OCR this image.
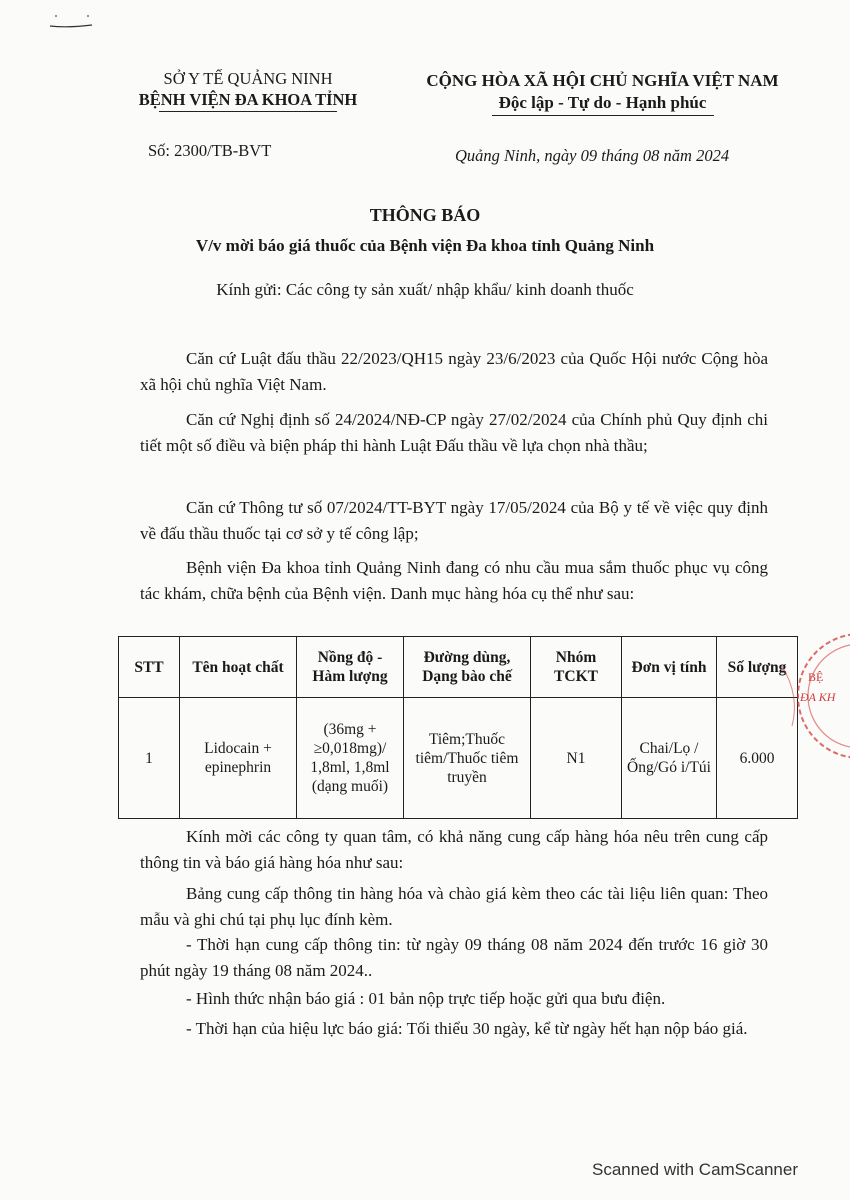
SỞ Y TẾ QUẢNG NINH
BỆNH VIỆN ĐA KHOA TỈNH
CỘNG HÒA XÃ HỘI CHỦ NGHĨA VIỆT NAM
Độc lập - Tự do - Hạnh phúc
Số: 2300/TB-BVT	Quảng Ninh, ngày 09 tháng 08 năm 2024
THÔNG BÁO
V/v mời báo giá thuốc của Bệnh viện Đa khoa tỉnh Quảng Ninh
Kính gửi: Các công ty sản xuất/ nhập khẩu/ kinh doanh thuốc
Căn cứ Luật đấu thầu 22/2023/QH15 ngày 23/6/2023 của Quốc Hội nước Cộng hòa xã hội chủ nghĩa Việt Nam.
Căn cứ Nghị định số 24/2024/NĐ-CP ngày 27/02/2024 của Chính phủ Quy định chi tiết một số điều và biện pháp thi hành Luật Đấu thầu về lựa chọn nhà thầu;
Căn cứ Thông tư số 07/2024/TT-BYT ngày 17/05/2024 của Bộ y tế về việc quy định về đấu thầu thuốc tại cơ sở y tế công lập;
Bệnh viện Đa khoa tỉnh Quảng Ninh đang có nhu cầu mua sắm thuốc phục vụ công tác khám, chữa bệnh của Bệnh viện. Danh mục hàng hóa cụ thể như sau:
STT	Tên hoạt chất	Nồng độ - Hàm lượng	Đường dùng, Dạng bào chế	Nhóm TCKT	Đơn vị tính	Số lượng
1	Lidocain + epinephrin	(36mg + ≥0,018mg)/ 1,8ml, 1,8ml (dạng muối)	Tiêm;Thuốc tiêm/Thuốc tiêm truyền	N1	Chai/Lọ /Ống/Gó i/Túi	6.000
BỆ
ĐA KH
Kính mời các công ty quan tâm, có khả năng cung cấp hàng hóa nêu trên cung cấp thông tin và báo giá hàng hóa như sau:
Bảng cung cấp thông tin hàng hóa và chào giá kèm theo các tài liệu liên quan: Theo mẫu và ghi chú tại phụ lục đính kèm.
- Thời hạn cung cấp thông tin: từ ngày 09 tháng 08 năm 2024 đến trước 16 giờ 30 phút ngày 19 tháng 08 năm 2024..
- Hình thức nhận báo giá : 01 bản nộp trực tiếp hoặc gửi qua bưu điện.
- Thời hạn của hiệu lực báo giá: Tối thiểu 30 ngày, kể từ ngày hết hạn nộp báo giá.
Scanned with CamScanner
